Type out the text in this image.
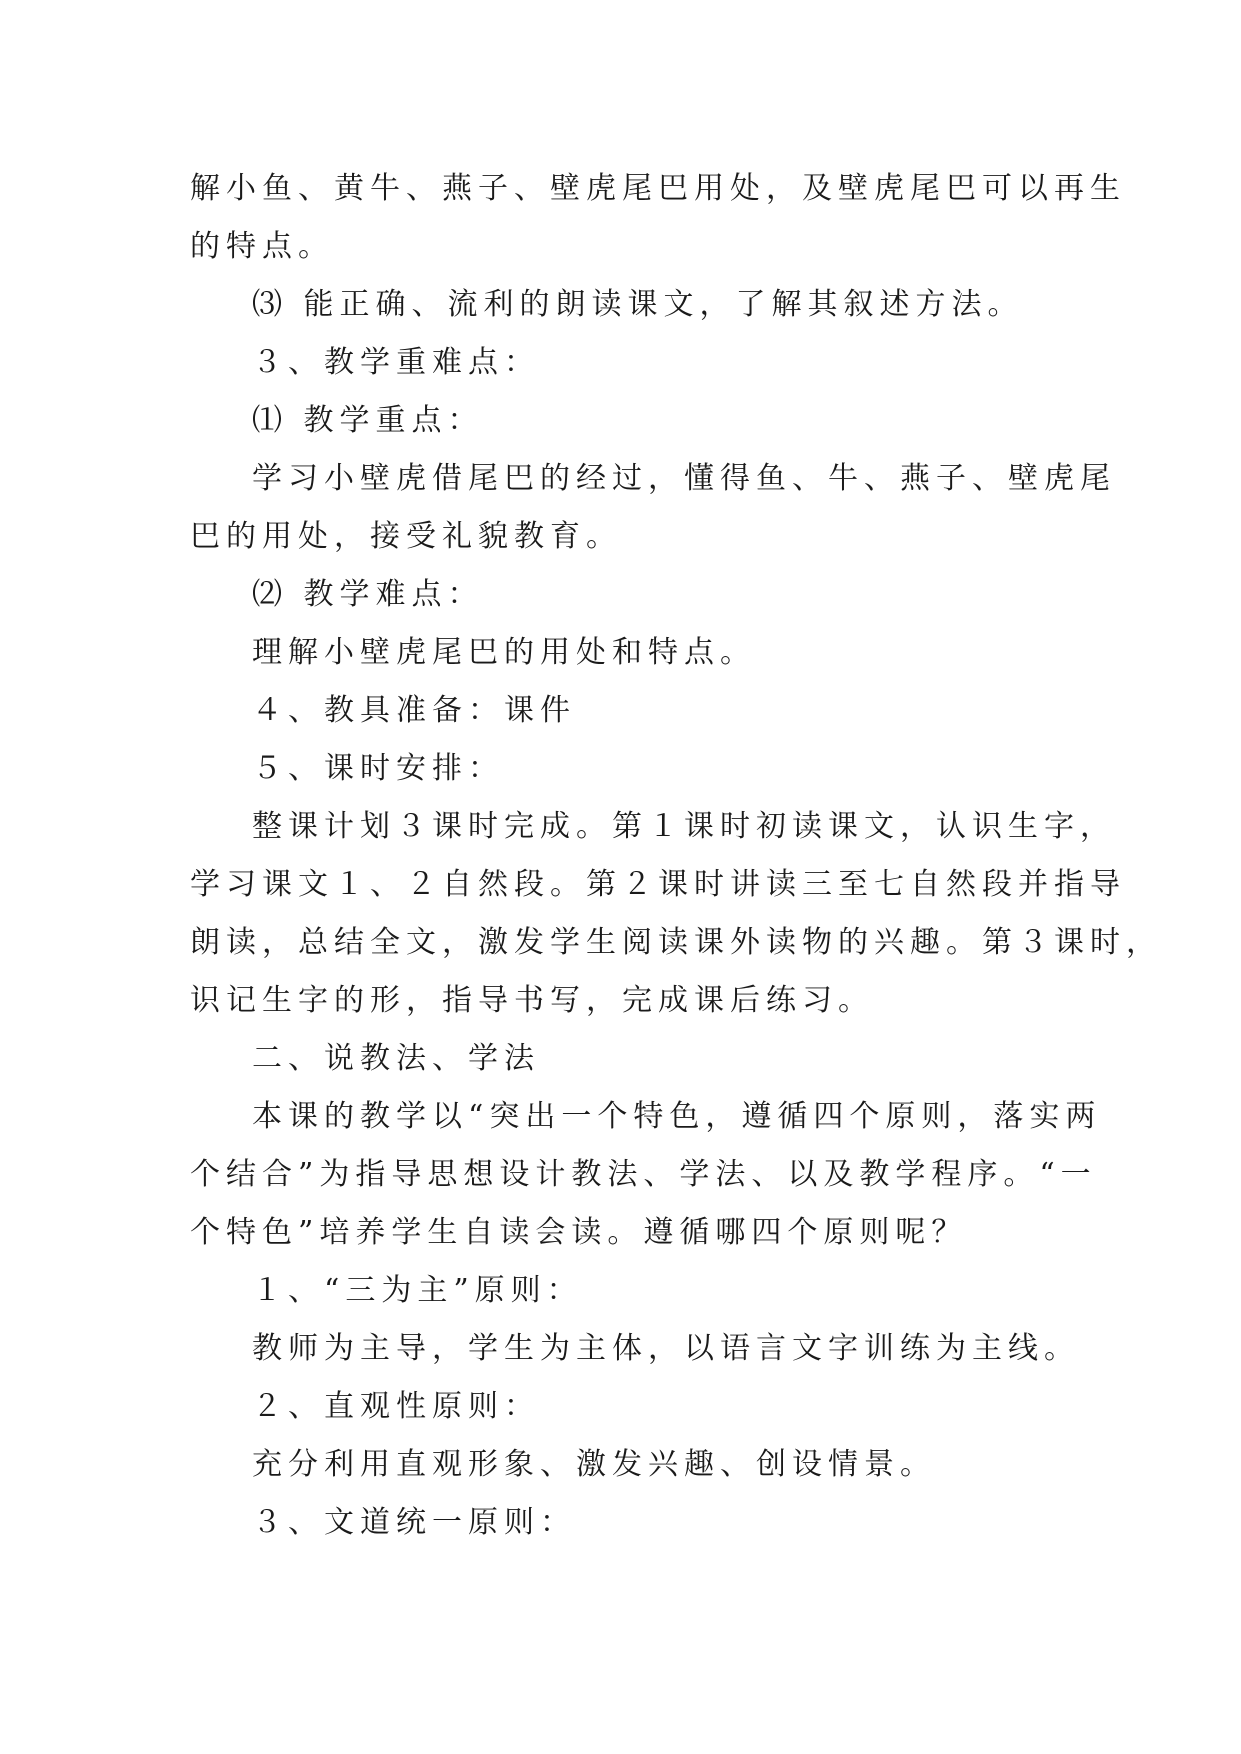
解小鱼、黄牛、燕子、壁虎尾巴用处，及壁虎尾巴可以再生

的特点。

⑶ 能正确、流利的朗读课文，了解其叙述方法。

３、教学重难点：

⑴ 教学重点：

学习小壁虎借尾巴的经过，懂得鱼、牛、燕子、壁虎尾

巴的用处，接受礼貌教育。

⑵ 教学难点：

理解小壁虎尾巴的用处和特点。

４、教具准备：课件

５、课时安排：

整课计划３课时完成。第１课时初读课文，认识生字，

学习课文１、２自然段。第２课时讲读三至七自然段并指导

朗读，总结全文，激发学生阅读课外读物的兴趣。第３课时，

识记生字的形，指导书写，完成课后练习。

二、说教法、学法

本课的教学以“突出一个特色，遵循四个原则，落实两

个结合”为指导思想设计教法、学法、以及教学程序。“一

个特色”培养学生自读会读。遵循哪四个原则呢？

１、“三为主”原则：

教师为主导，学生为主体，以语言文字训练为主线。

２、直观性原则：

充分利用直观形象、激发兴趣、创设情景。

３、文道统一原则：
